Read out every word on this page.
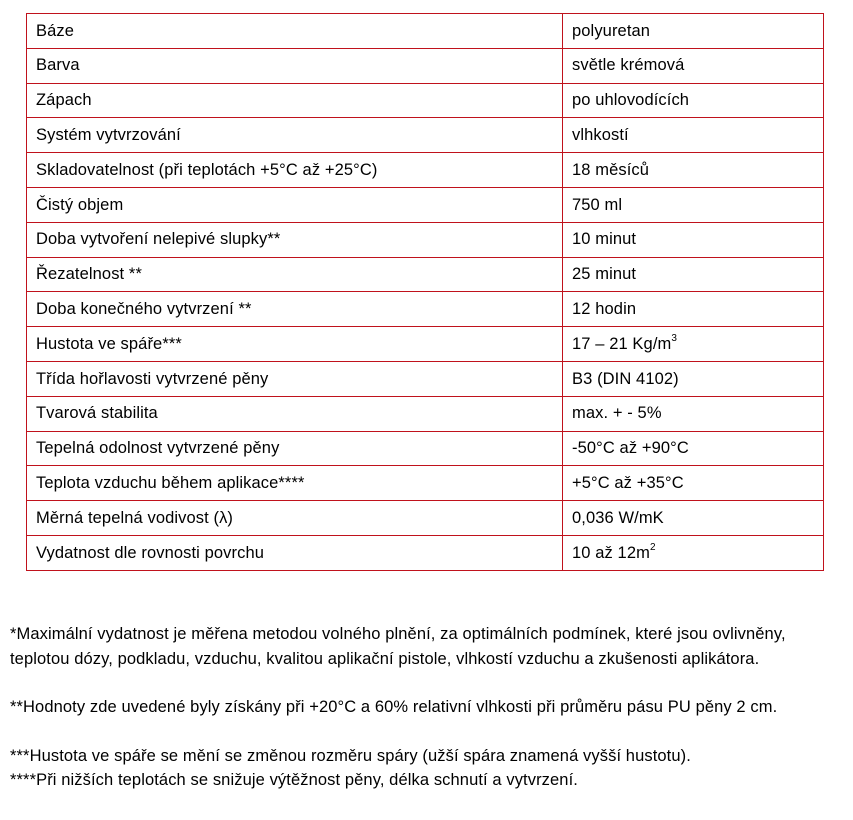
Báze	polyuretan
Barva	světle krémová
Zápach	po uhlovodících
Systém vytvrzování	vlhkostí
Skladovatelnost (při teplotách +5°C až +25°C)	18 měsíců
Čistý objem	750 ml
Doba vytvoření nelepivé slupky**	10 minut
Řezatelnost **	25 minut
Doba konečného vytvrzení **	12 hodin
Hustota ve spáře***	17 – 21 $Kg/m^3$
Třída hořlavosti vytvrzené pěny	B3 (DIN 4102)
Tvarová stabilita	max. + - 5%
Tepelná odolnost vytvrzené pěny	-50°C až +90°C
Teplota vzduchu během aplikace****	+5°C až +35°C
Měrná tepelná vodivost (λ)	0,036 W/mK
Vydatnost dle rovnosti povrchu	10 až $12m^2$

*Maximální vydatnost je měřena metodou volného plnění, za optimálních podmínek, které jsou ovlivněny, teplotou dózy, podkladu, vzduchu, kvalitou aplikační pistole, vlhkostí vzduchu a zkušenosti aplikátora.

**Hodnoty zde uvedené byly získány při +20°C a 60% relativní vlhkosti při průměru pásu PU pěny 2 cm.

***Hustota ve spáře se mění se změnou rozměru spáry (užší spára znamená vyšší hustotu).

****Při nižších teplotách se snižuje výtěžnost pěny, délka schnutí a vytvrzení.
